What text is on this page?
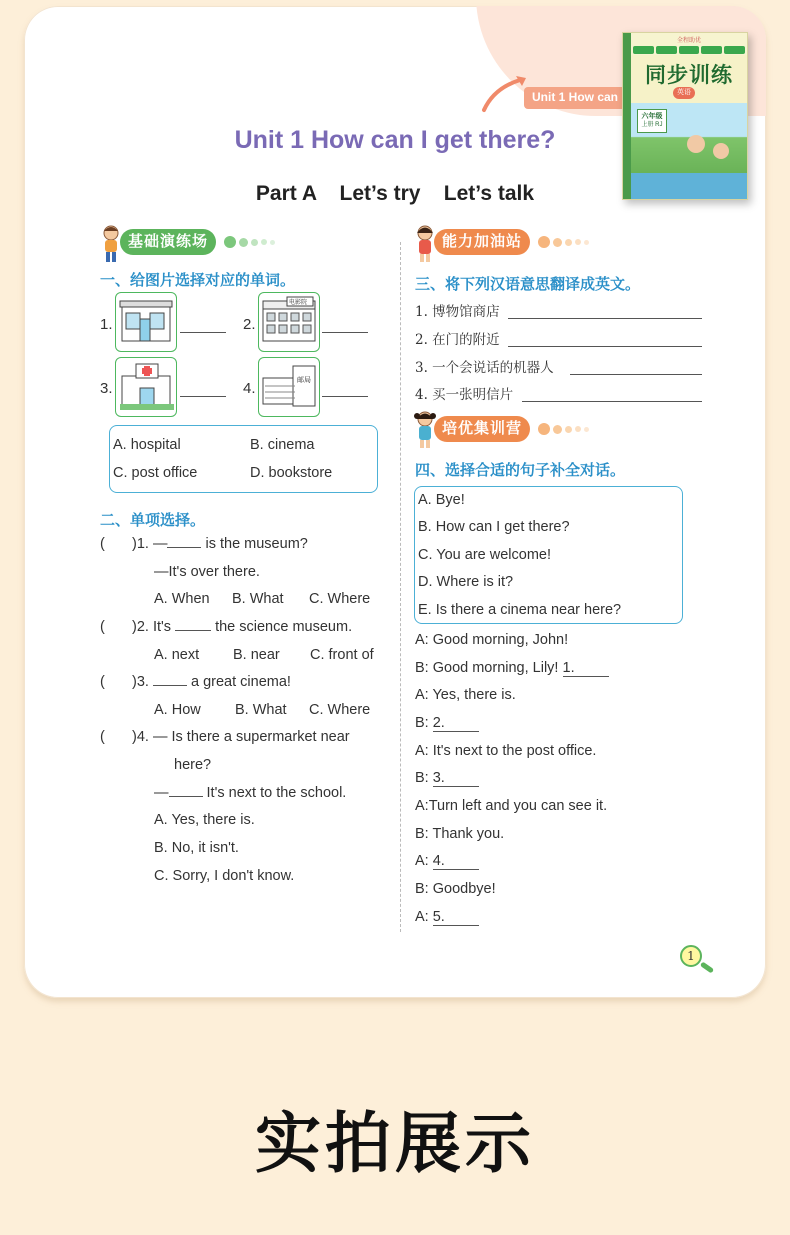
Unit 1 How can
全程助优
同步训练
英语
六年级
上册 RJ
Unit 1 How can I get there?
Part A    Let’s try    Let’s talk
基础演练场
一、给图片选择对应的单词。
1.	2.
电影院
3.	4.	邮局
A. hospital	B. cinema
C. post office	D. bookstore
二、单项选择。
( )1. — is the museum?
—It's over there.
A. When B. What C. Where
( )2. It's  the science museum.
A. next B. near C. front of
( )3.  a great cinema!
A. How B. What C. Where
( )4. — Is there a supermarket near
here?
— It's next to the school.
A. Yes, there is.
B. No, it isn't.
C. Sorry, I don't know.
能力加油站
三、将下列汉语意思翻译成英文。
1. 博物馆商店
2. 在门的附近
3. 一个会说话的机器人
4. 买一张明信片
培优集训营
四、选择合适的句子补全对话。
A. Bye!
B. How can I get there?
C. You are welcome!
D. Where is it?
E. Is there a cinema near here?
A: Good morning, John!
B: Good morning, Lily! 1.
A: Yes, there is.
B: 2.
A: It's next to the post office.
B: 3.
A:Turn left and you can see it.
B: Thank you.
A: 4.
B: Goodbye!
A: 5.
1
实拍展示
